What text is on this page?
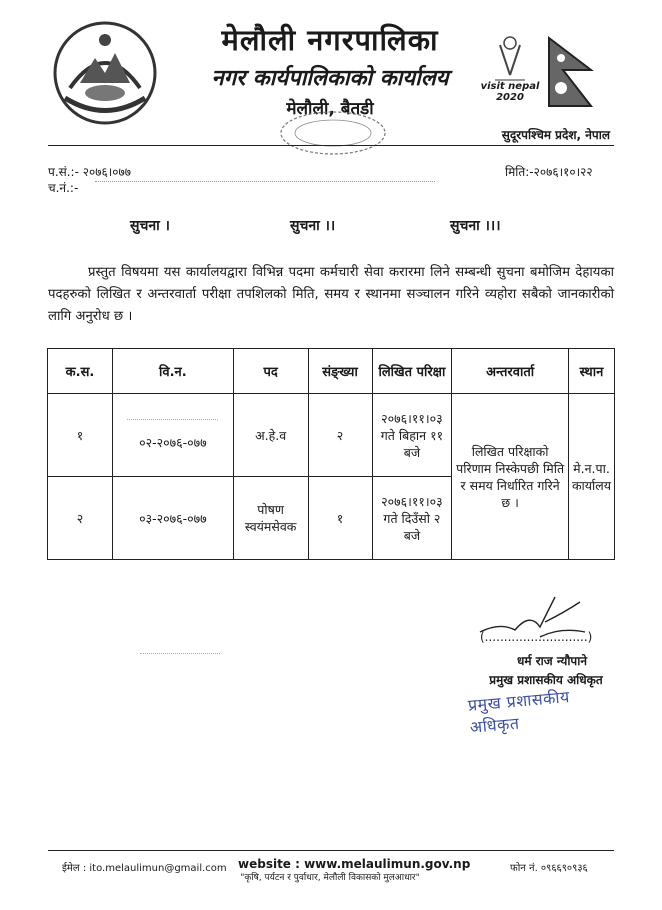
मेलौली नगरपालिका
नगर कार्यपालिकाको कार्यालय
मेलौली, बैतडी
visit nepal 2020
सुदूरपश्चिम प्रदेश, नेपाल
प.सं.:- २०७६।०७७
च.नं.:-
मिति:-२०७६।१०।२२
सुचना ।	सुचना ।।	सुचना ।।।
प्रस्तुत विषयमा यस कार्यालयद्वारा विभिन्न पदमा कर्मचारी सेवा करारमा लिने सम्बन्धी सुचना बमोजिम देहायका पदहरुको लिखित र अन्तरवार्ता परीक्षा तपशिलको मिति, समय र स्थानमा सञ्चालन गरिने व्यहोरा सबैको जानकारीको लागि अनुरोध छ ।
क.स.	वि.न.	पद	संङ्ख्या	लिखित परिक्षा	अन्तरवार्ता	स्थान
१	०२-२०७६-०७७	अ.हे.व	२	२०७६।११।०३ गते बिहान ११ बजे	लिखित परिक्षाको परिणाम निस्केपछी मिति र समय निर्धारित गरिने छ ।	मे.न.पा. कार्यालय
२	०३-२०७६-०७७	पोषण स्वयंमसेवक	१	२०७६।११।०३ गते दिउँसो २ बजे		
(...........................)
धर्म राज न्यौपाने
प्रमुख प्रशासकीय अधिकृत
प्रमुख प्रशासकीय अधिकृत
ईमेल : ito.melaulimun@gmail.com website : www.melaulimun.gov.np	फोन नं. ०९६६९०९३६
"कृषि, पर्यटन र पुर्वाधार, मेलौली विकासको मुलआधार"
